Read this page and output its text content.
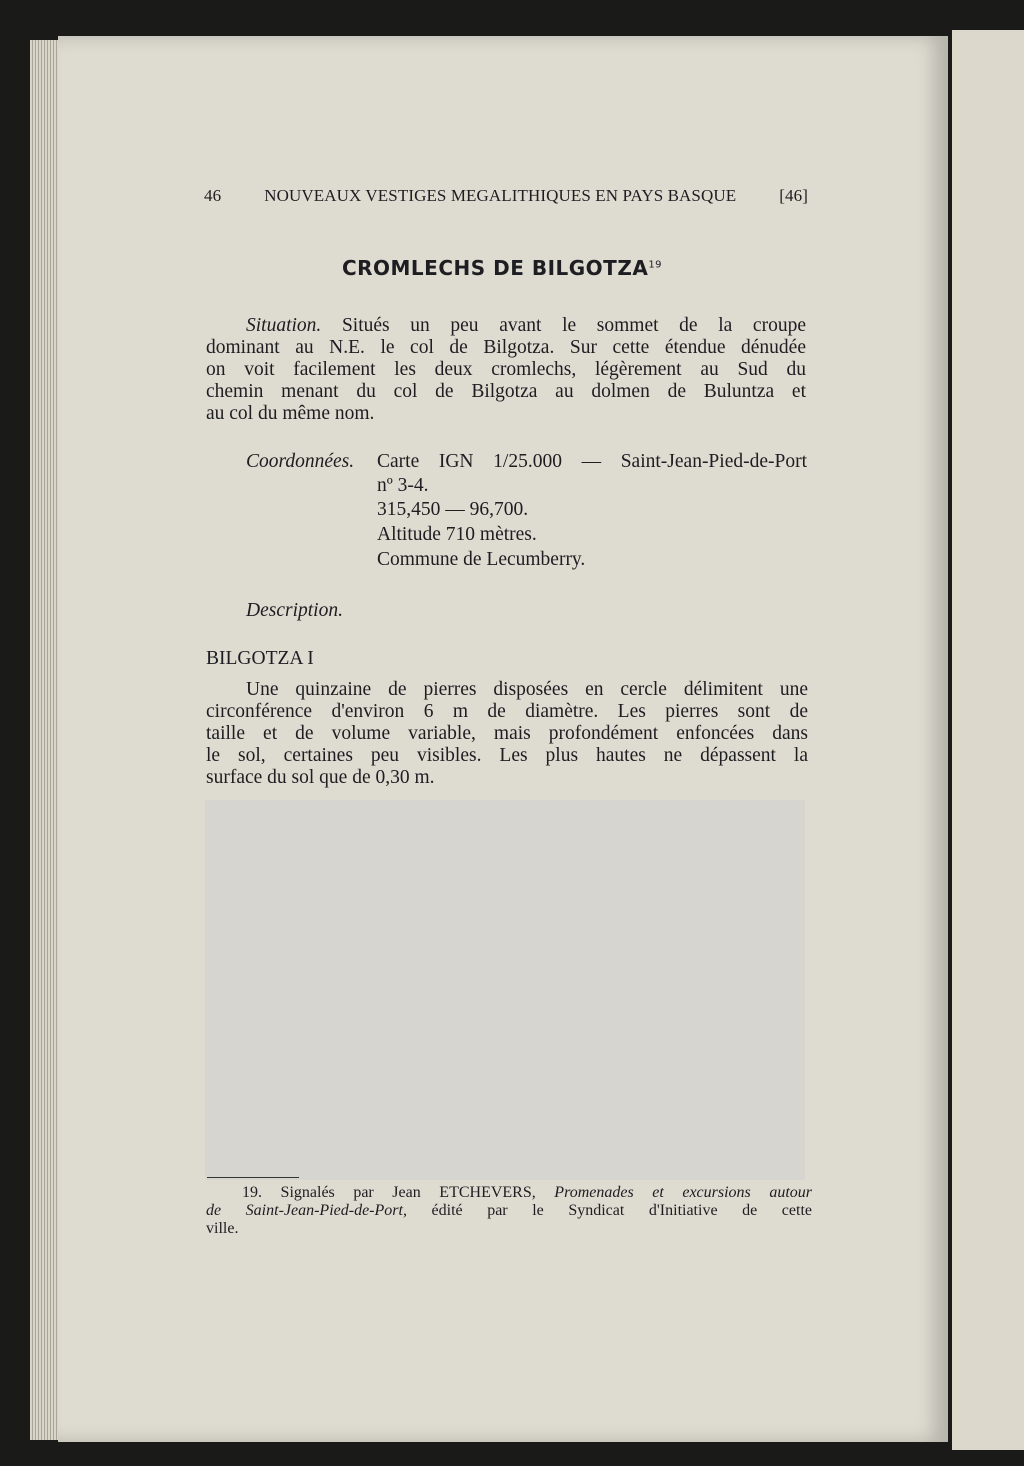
46	NOUVEAUX VESTIGES MEGALITHIQUES EN PAYS BASQUE	[46]
CROMLECHS DE BILGOTZA$^{19}$
Situation. Situés un peu avant le sommet de la croupe
dominant au N.E. le col de Bilgotza. Sur cette étendue dénudée
on voit facilement les deux cromlechs, légèrement au Sud du
chemin menant du col de Bilgotza au dolmen de Buluntza et
au col du même nom.
Coordonnées. Carte IGN 1/25.000 — Saint-Jean-Pied-de-Port
nº 3-4.
315,450 — 96,700.
Altitude 710 mètres.
Commune de Lecumberry.
Description.
BILGOTZA I
Une quinzaine de pierres disposées en cercle délimitent une
circonférence d'environ 6 m de diamètre. Les pierres sont de
taille et de volume variable, mais profondément enfoncées dans
le sol, certaines peu visibles. Les plus hautes ne dépassent la
surface du sol que de 0,30 m.
19. Signalés par Jean ETCHEVERS, Promenades et excursions autour
de Saint-Jean-Pied-de-Port, édité par le Syndicat d'Initiative de cette
ville.
